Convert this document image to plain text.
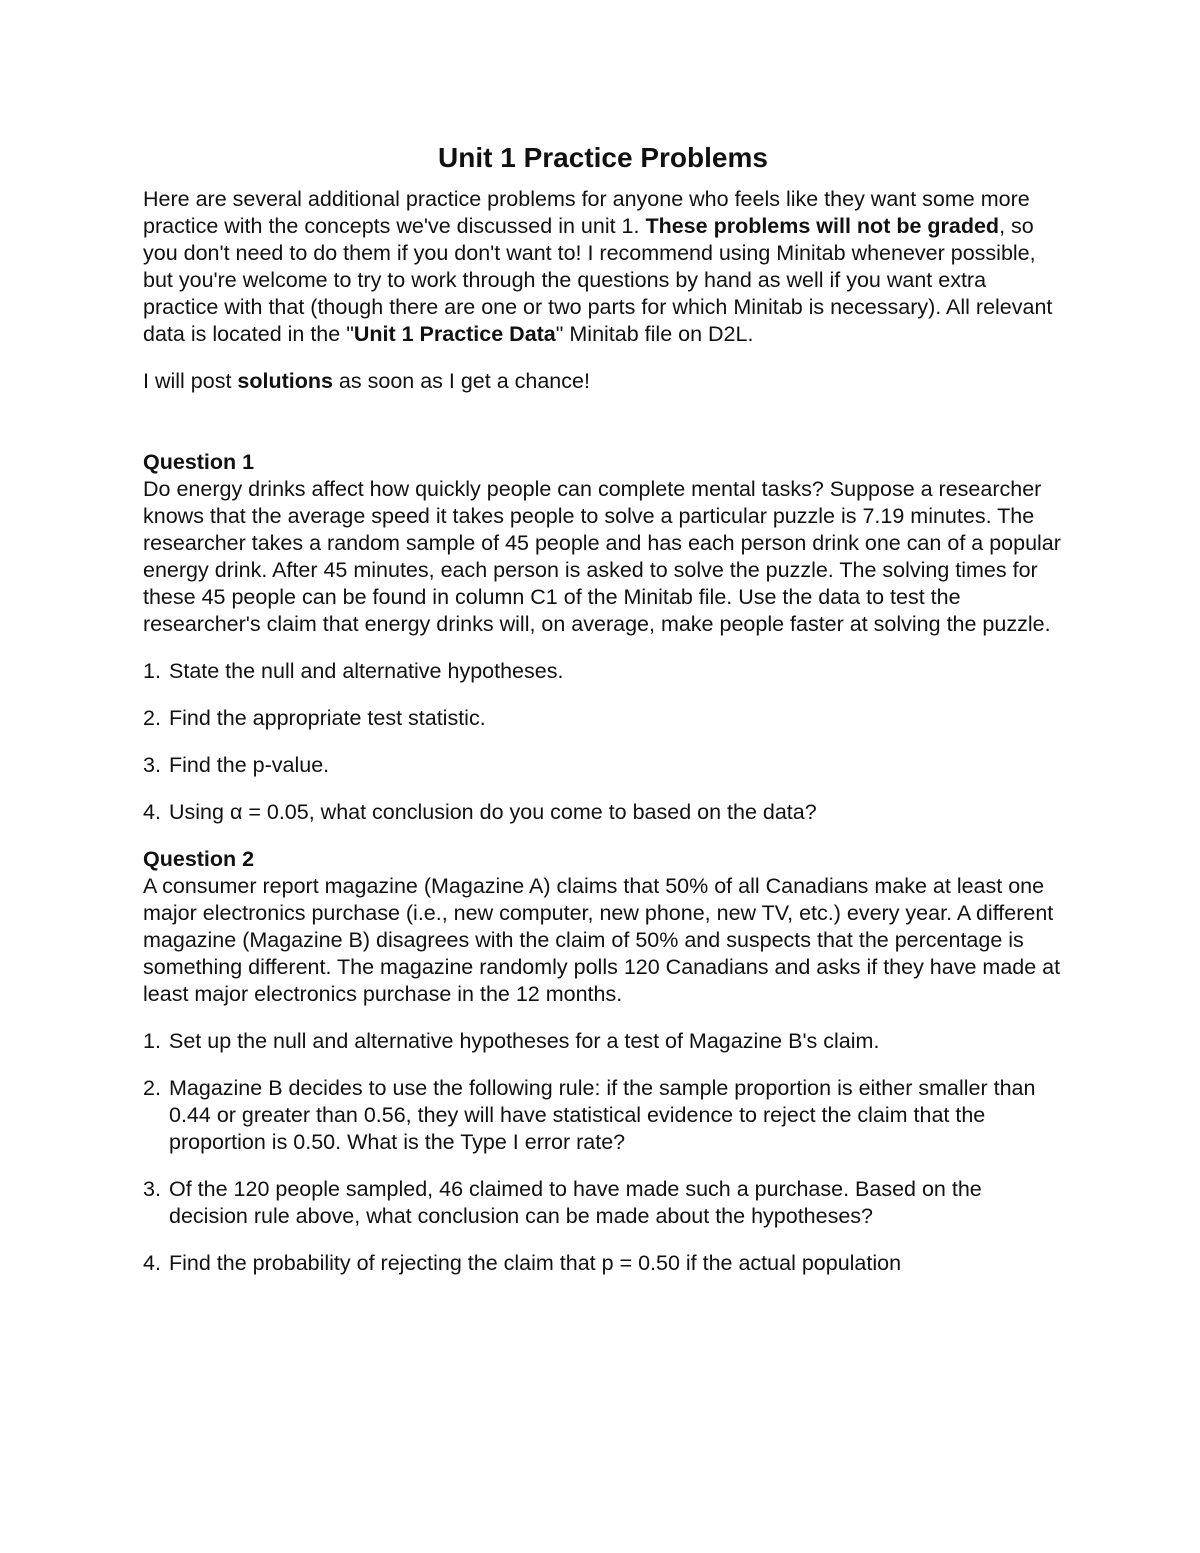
Unit 1 Practice Problems

Here are several additional practice problems for anyone who feels like they want some more practice with the concepts we've discussed in unit 1. These problems will not be graded, so you don't need to do them if you don't want to! I recommend using Minitab whenever possible, but you're welcome to try to work through the questions by hand as well if you want extra practice with that (though there are one or two parts for which Minitab is necessary). All relevant data is located in the "Unit 1 Practice Data" Minitab file on D2L.

I will post solutions as soon as I get a chance!

Question 1

Do energy drinks affect how quickly people can complete mental tasks? Suppose a researcher knows that the average speed it takes people to solve a particular puzzle is 7.19 minutes. The researcher takes a random sample of 45 people and has each person drink one can of a popular energy drink. After 45 minutes, each person is asked to solve the puzzle. The solving times for these 45 people can be found in column C1 of the Minitab file. Use the data to test the researcher's claim that energy drinks will, on average, make people faster at solving the puzzle.

1. State the null and alternative hypotheses.
2. Find the appropriate test statistic.
3. Find the p-value.
4. Using α = 0.05, what conclusion do you come to based on the data?

Question 2

A consumer report magazine (Magazine A) claims that 50% of all Canadians make at least one major electronics purchase (i.e., new computer, new phone, new TV, etc.) every year. A different magazine (Magazine B) disagrees with the claim of 50% and suspects that the percentage is something different. The magazine randomly polls 120 Canadians and asks if they have made at least major electronics purchase in the 12 months.

1. Set up the null and alternative hypotheses for a test of Magazine B's claim.
2. Magazine B decides to use the following rule: if the sample proportion is either smaller than 0.44 or greater than 0.56, they will have statistical evidence to reject the claim that the proportion is 0.50. What is the Type I error rate?
3. Of the 120 people sampled, 46 claimed to have made such a purchase. Based on the decision rule above, what conclusion can be made about the hypotheses?
4. Find the probability of rejecting the claim that p = 0.50 if the actual population
